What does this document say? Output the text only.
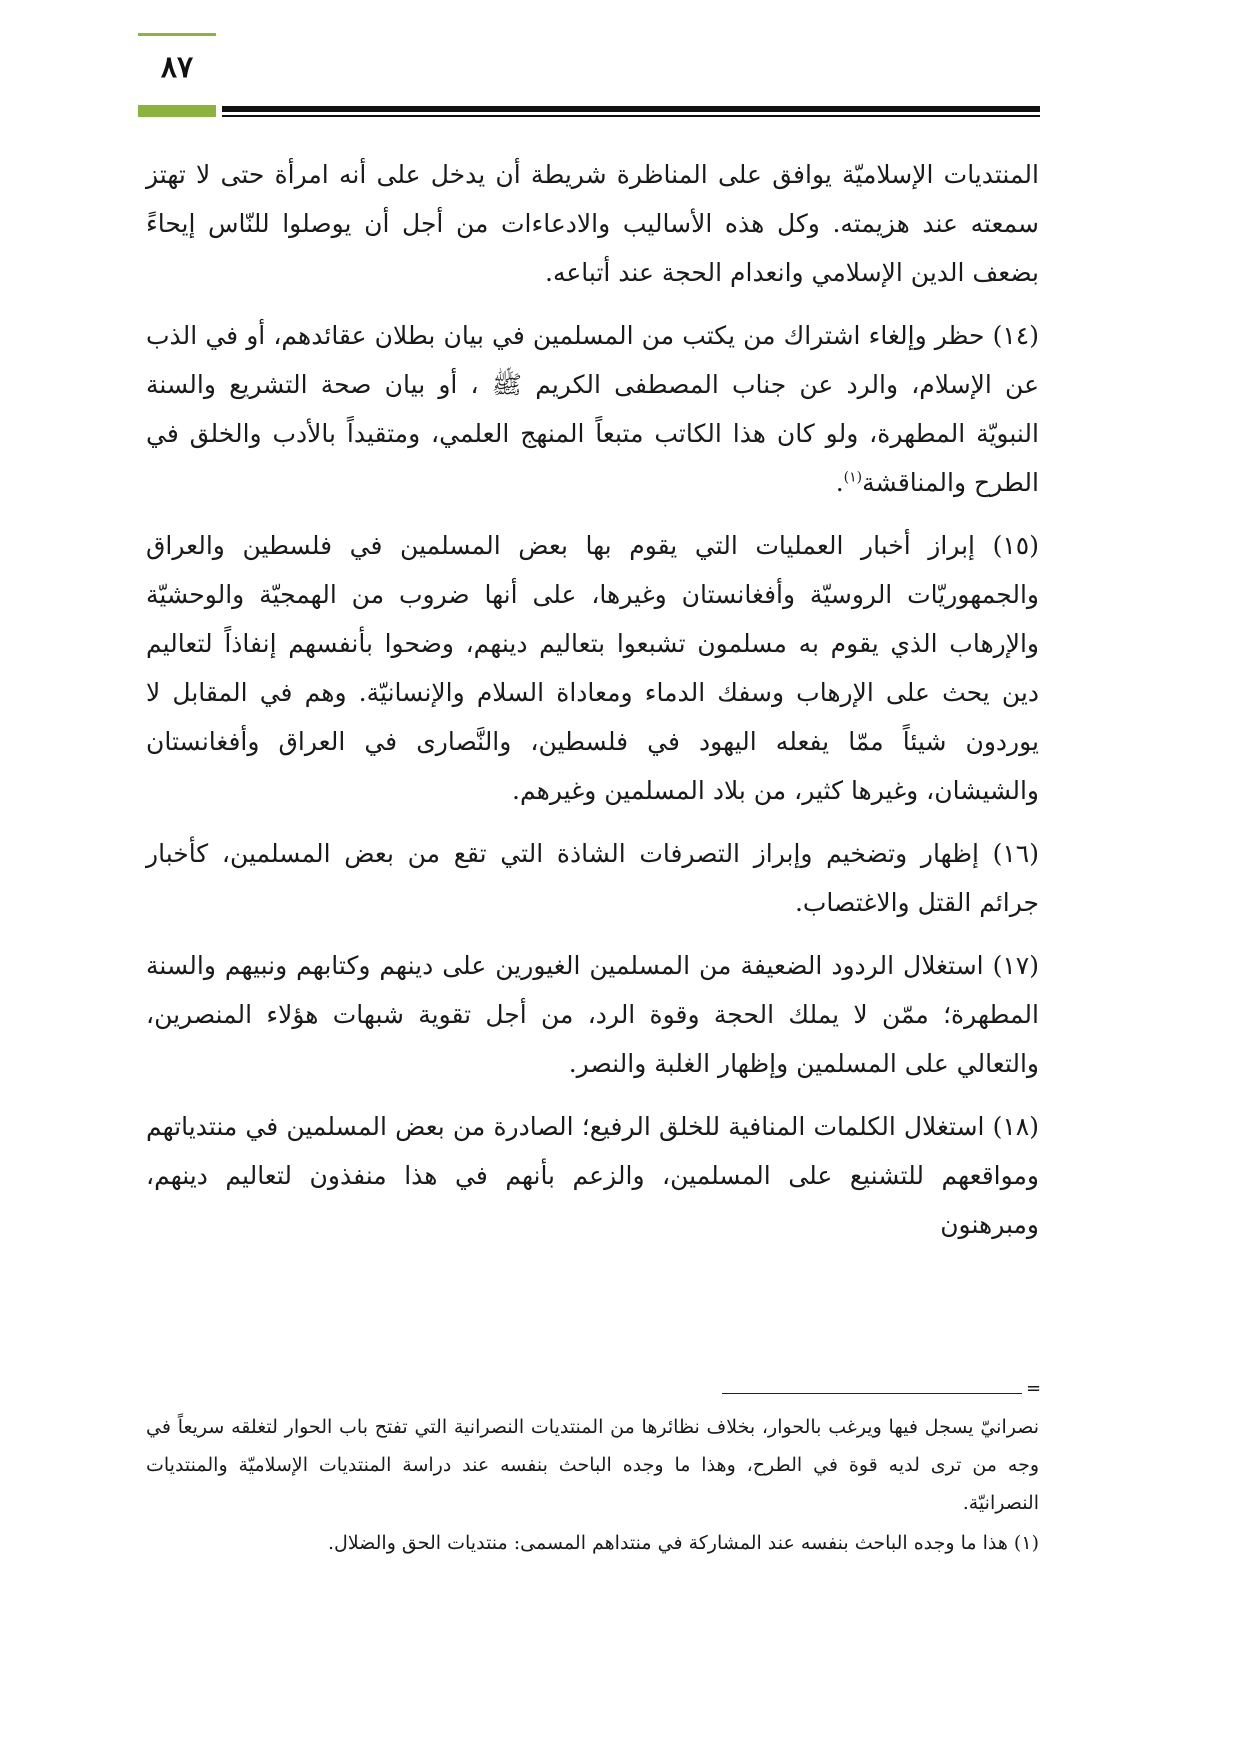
٨٧

المنتديات الإسلاميّة يوافق على المناظرة شريطة أن يدخل على أنه امرأة حتى لا تهتز سمعته عند هزيمته. وكل هذه الأساليب والادعاءات من أجل أن يوصلوا للنّاس إيحاءً بضعف الدين الإسلامي وانعدام الحجة عند أتباعه.

(١٤) حظر وإلغاء اشتراك من يكتب من المسلمين في بيان بطلان عقائدهم، أو في الذب عن الإسلام، والرد عن جناب المصطفى الكريم ﷺ ، أو بيان صحة التشريع والسنة النبويّة المطهرة، ولو كان هذا الكاتب متبعاً المنهج العلمي، ومتقيداً بالأدب والخلق في الطرح والمناقشة$^{(١)}$.

(١٥) إبراز أخبار العمليات التي يقوم بها بعض المسلمين في فلسطين والعراق والجمهوريّات الروسيّة وأفغانستان وغيرها، على أنها ضروب من الهمجيّة والوحشيّة والإرهاب الذي يقوم به مسلمون تشبعوا بتعاليم دينهم، وضحوا بأنفسهم إنفاذاً لتعاليم دين يحث على الإرهاب وسفك الدماء ومعاداة السلام والإنسانيّة. وهم في المقابل لا يوردون شيئاً ممّا يفعله اليهود في فلسطين، والنَّصارى في العراق وأفغانستان والشيشان، وغيرها كثير، من بلاد المسلمين وغيرهم.

(١٦) إظهار وتضخيم وإبراز التصرفات الشاذة التي تقع من بعض المسلمين، كأخبار جرائم القتل والاغتصاب.

(١٧) استغلال الردود الضعيفة من المسلمين الغيورين على دينهم وكتابهم ونبيهم والسنة المطهرة؛ ممّن لا يملك الحجة وقوة الرد، من أجل تقوية شبهات هؤلاء المنصرين، والتعالي على المسلمين وإظهار الغلبة والنصر.

(١٨) استغلال الكلمات المنافية للخلق الرفيع؛ الصادرة من بعض المسلمين في منتدياتهم ومواقعهم للتشنيع على المسلمين، والزعم بأنهم في هذا منفذون لتعاليم دينهم، ومبرهنون

=

نصرانيّ يسجل فيها ويرغب بالحوار، بخلاف نظائرها من المنتديات النصرانية التي تفتح باب الحوار لتغلقه سريعاً في وجه من ترى لديه قوة في الطرح، وهذا ما وجده الباحث بنفسه عند دراسة المنتديات الإسلاميّة والمنتديات النصرانيّة.

(١) هذا ما وجده الباحث بنفسه عند المشاركة في منتداهم المسمى: منتديات الحق والضلال.
